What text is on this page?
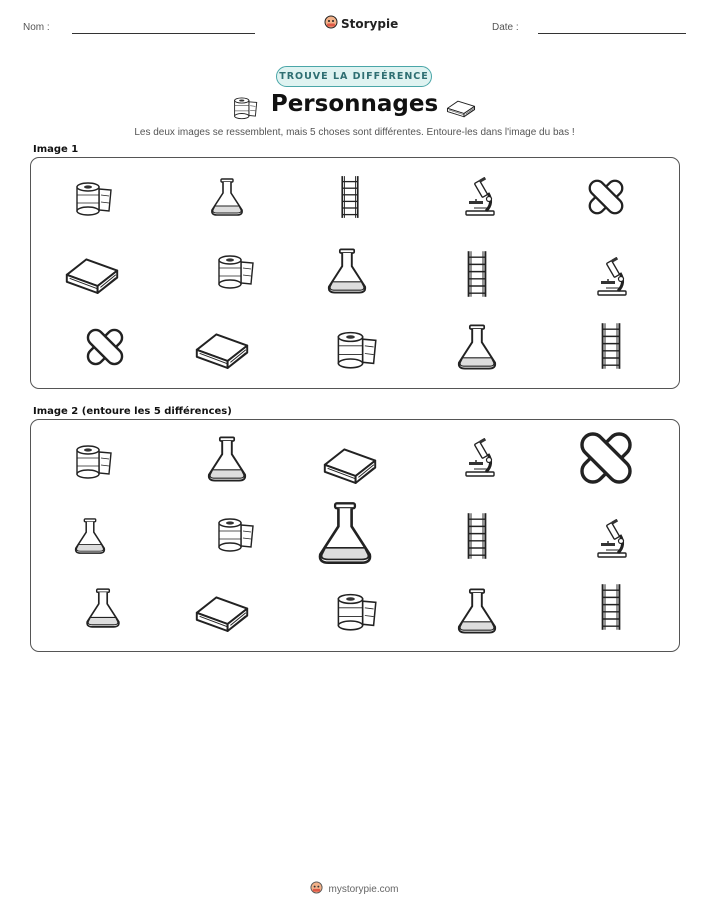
Nom :	Storypie	Date :
TROUVE LA DIFFÉRENCE
Personnages
Les deux images se ressemblent, mais 5 choses sont différentes. Entoure-les dans l'image du bas !
Image 1
Image 2 (entoure les 5 différences)
mystorypie.com
